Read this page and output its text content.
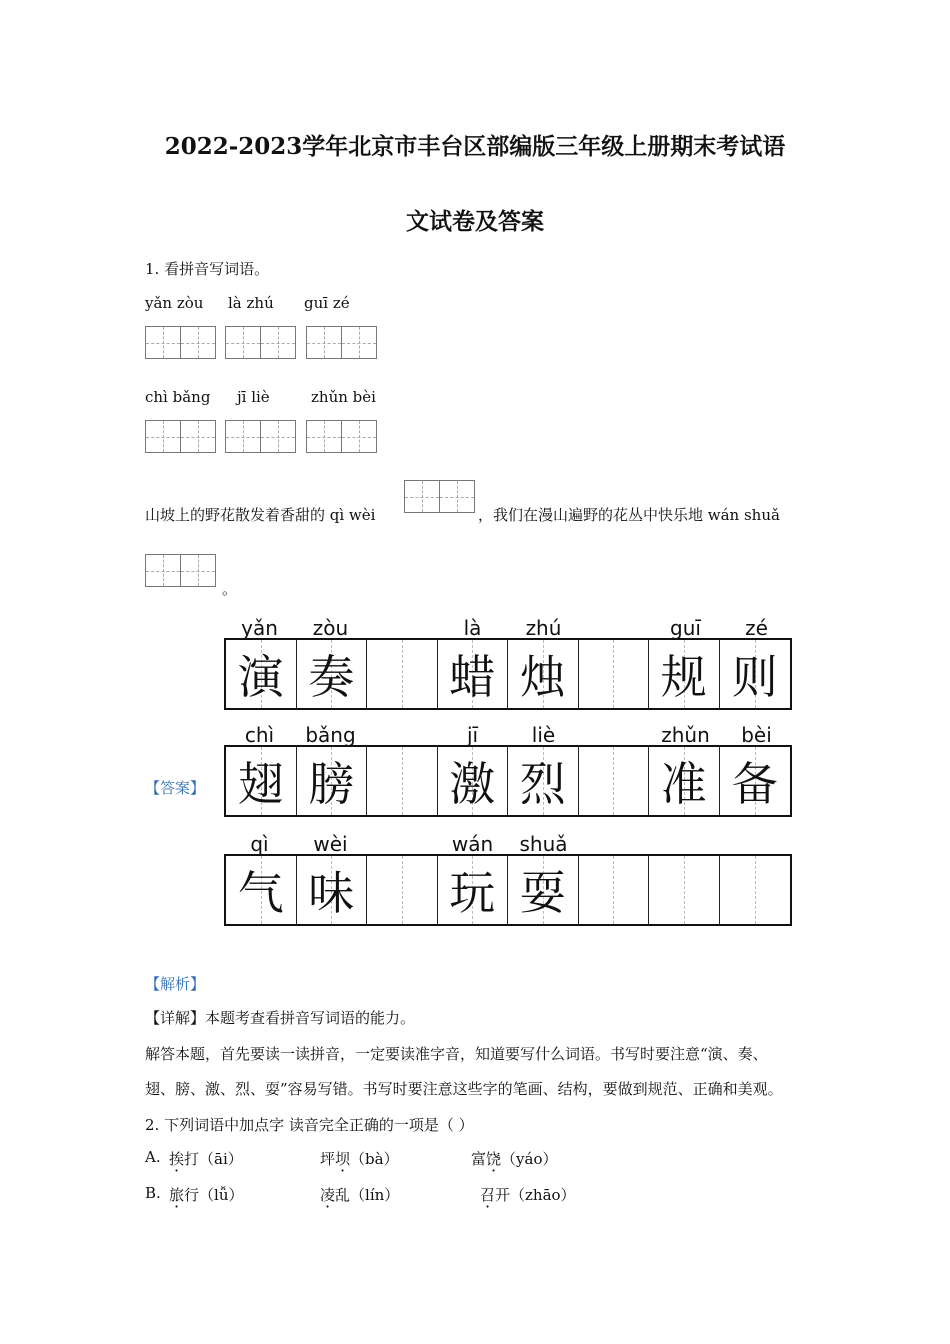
2022-2023学年北京市丰台区部编版三年级上册期末考试语
文试卷及答案
1. 看拼音写词语。
yǎn zòu là zhú guī zé
chì bǎng jī liè	zhǔn bèi
山坡上的野花散发着香甜的 qì wèi	，我们在漫山遍野的花丛中快乐地 wán shuǎ
。
【答案】
yǎn	zòu	là	zhú	guī	zé
演 奏 蜡 烛 规 则
chì	bǎng	jī	liè	zhǔn	bèi
翅 膀 激 烈 准 备
qì	wèi	wán	shuǎ
气 味 玩 耍
【解析】
【详解】本题考查看拼音写词语的能力。
解答本题，首先要读一读拼音，一定要读准字音，知道要写什么词语。书写时要注意“演、奏、
翅、膀、激、烈、耍”容易写错。书写时要注意这些字的笔画、结构，要做到规范、正确和美观。
2. 下列词语中加点字 读音完全正确的一项是（ ）
A. 挨打（āi）	坪坝（bà）	富饶（yáo）
B. 旅行（lǚ）	凌乱（lín）	召开（zhāo）
